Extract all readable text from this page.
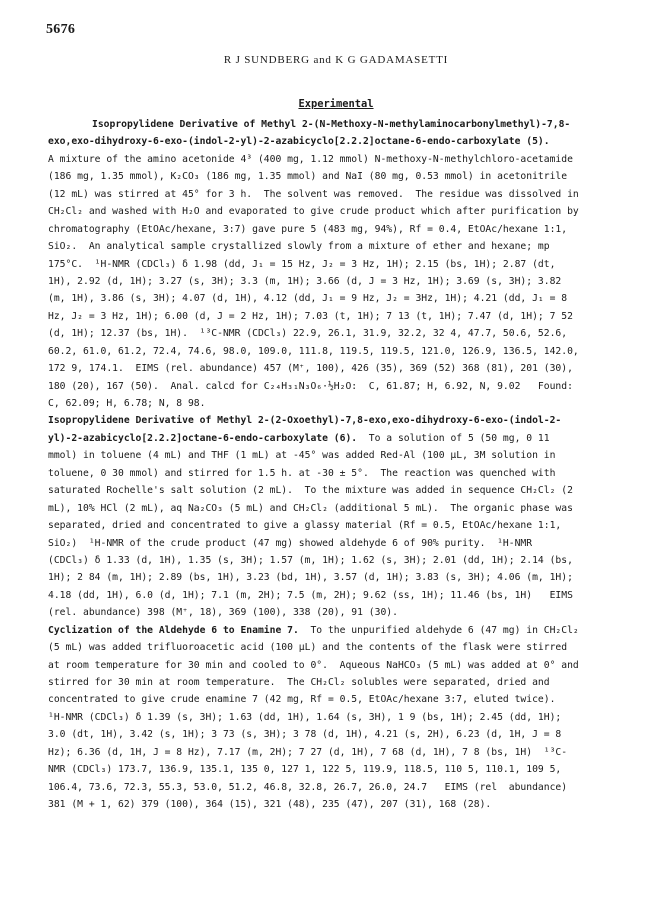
5676
R J SUNDBERG and K G GADAMASETTI
Experimental
Isopropylidene Derivative of Methyl 2-(N-Methoxy-N-methylaminocarbonylmethyl)-7,8-
exo,exo-dihydroxy-6-exo-(indol-2-yl)-2-azabicyclo[2.2.2]octane-6-endo-carboxylate (5).
A mixture of the amino acetonide 4³ (400 mg, 1.12 mmol) N-methoxy-N-methylchloro-acetamide
(186 mg, 1.35 mmol), K₂CO₃ (186 mg, 1.35 mmol) and NaI (80 mg, 0.53 mmol) in acetonitrile
(12 mL) was stirred at 45° for 3 h.  The solvent was removed.  The residue was dissolved in
CH₂Cl₂ and washed with H₂O and evaporated to give crude product which after purification by
chromatography (EtOAc/hexane, 3:7) gave pure 5 (483 mg, 94%), Rf = 0.4, EtOAc/hexane 1:1,
SiO₂.  An analytical sample crystallized slowly from a mixture of ether and hexane; mp
175°C.  ¹H-NMR (CDCl₃) δ 1.98 (dd, J₁ = 15 Hz, J₂ = 3 Hz, 1H); 2.15 (bs, 1H); 2.87 (dt,
1H), 2.92 (d, 1H); 3.27 (s, 3H); 3.3 (m, 1H); 3.66 (d, J = 3 Hz, 1H); 3.69 (s, 3H); 3.82
(m, 1H), 3.86 (s, 3H); 4.07 (d, 1H), 4.12 (dd, J₁ = 9 Hz, J₂ = 3Hz, 1H); 4.21 (dd, J₁ = 8
Hz, J₂ = 3 Hz, 1H); 6.00 (d, J = 2 Hz, 1H); 7.03 (t, 1H); 7 13 (t, 1H); 7.47 (d, 1H); 7 52
(d, 1H); 12.37 (bs, 1H).  ¹³C-NMR (CDCl₃) 22.9, 26.1, 31.9, 32.2, 32 4, 47.7, 50.6, 52.6,
60.2, 61.0, 61.2, 72.4, 74.6, 98.0, 109.0, 111.8, 119.5, 119.5, 121.0, 126.9, 136.5, 142.0,
172 9, 174.1.  EIMS (rel. abundance) 457 (M⁺, 100), 426 (35), 369 (52) 368 (81), 201 (30),
180 (20), 167 (50).  Anal. calcd for C₂₄H₃₁N₃O₆·½H₂O:  C, 61.87; H, 6.92, N, 9.02   Found:
C, 62.09; H, 6.78; N, 8 98.
Isopropylidene Derivative of Methyl 2-(2-Oxoethyl)-7,8-exo,exo-dihydroxy-6-exo-(indol-2-
yl)-2-azabicyclo[2.2.2]octane-6-endo-carboxylate (6).  To a solution of 5 (50 mg, 0 11
mmol) in toluene (4 mL) and THF (1 mL) at -45° was added Red-Al (100 µL, 3M solution in
toluene, 0 30 mmol) and stirred for 1.5 h. at -30 ± 5°.  The reaction was quenched with
saturated Rochelle's salt solution (2 mL).  To the mixture was added in sequence CH₂Cl₂ (2
mL), 10% HCl (2 mL), aq Na₂CO₃ (5 mL) and CH₂Cl₂ (additional 5 mL).  The organic phase was
separated, dried and concentrated to give a glassy material (Rf = 0.5, EtOAc/hexane 1:1,
SiO₂)  ¹H-NMR of the crude product (47 mg) showed aldehyde 6 of 90% purity.  ¹H-NMR
(CDCl₃) δ 1.33 (d, 1H), 1.35 (s, 3H); 1.57 (m, 1H); 1.62 (s, 3H); 2.01 (dd, 1H); 2.14 (bs,
1H); 2 84 (m, 1H); 2.89 (bs, 1H), 3.23 (bd, 1H), 3.57 (d, 1H); 3.83 (s, 3H); 4.06 (m, 1H);
4.18 (dd, 1H), 6.0 (d, 1H); 7.1 (m, 2H); 7.5 (m, 2H); 9.62 (ss, 1H); 11.46 (bs, 1H)   EIMS
(rel. abundance) 398 (M⁺, 18), 369 (100), 338 (20), 91 (30).
Cyclization of the Aldehyde 6 to Enamine 7.  To the unpurified aldehyde 6 (47 mg) in CH₂Cl₂
(5 mL) was added trifluoroacetic acid (100 µL) and the contents of the flask were stirred
at room temperature for 30 min and cooled to 0°.  Aqueous NaHCO₃ (5 mL) was added at 0° and
stirred for 30 min at room temperature.  The CH₂Cl₂ solubles were separated, dried and
concentrated to give crude enamine 7 (42 mg, Rf = 0.5, EtOAc/hexane 3:7, eluted twice).
¹H-NMR (CDCl₃) δ 1.39 (s, 3H); 1.63 (dd, 1H), 1.64 (s, 3H), 1 9 (bs, 1H); 2.45 (dd, 1H);
3.0 (dt, 1H), 3.42 (s, 1H); 3 73 (s, 3H); 3 78 (d, 1H), 4.21 (s, 2H), 6.23 (d, 1H, J = 8
Hz); 6.36 (d, 1H, J = 8 Hz), 7.17 (m, 2H); 7 27 (d, 1H), 7 68 (d, 1H), 7 8 (bs, 1H)  ¹³C-
NMR (CDCl₃) 173.7, 136.9, 135.1, 135 0, 127 1, 122 5, 119.9, 118.5, 110 5, 110.1, 109 5,
106.4, 73.6, 72.3, 55.3, 53.0, 51.2, 46.8, 32.8, 26.7, 26.0, 24.7   EIMS (rel  abundance)
381 (M + 1, 62) 379 (100), 364 (15), 321 (48), 235 (47), 207 (31), 168 (28).
